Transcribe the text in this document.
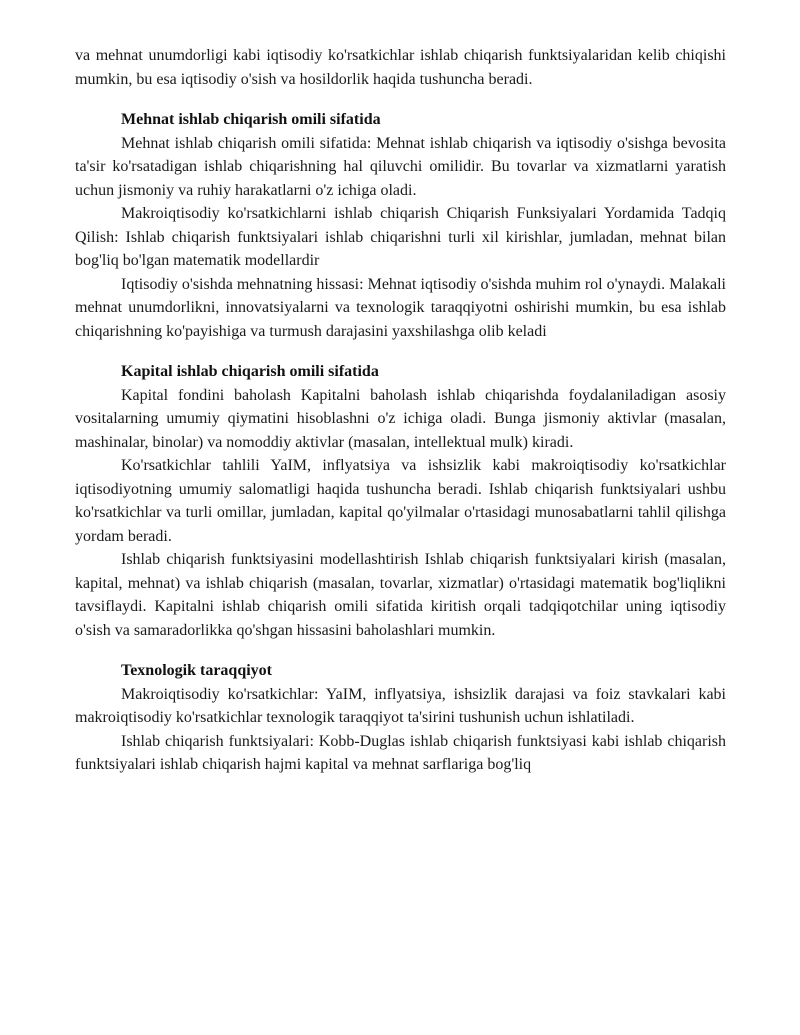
va mehnat unumdorligi kabi iqtisodiy ko'rsatkichlar ishlab chiqarish funktsiyalaridan kelib chiqishi mumkin, bu esa iqtisodiy o'sish va hosildorlik haqida tushuncha beradi.

Mehnat ishlab chiqarish omili sifatida

Mehnat ishlab chiqarish omili sifatida: Mehnat ishlab chiqarish va iqtisodiy o'sishga bevosita ta'sir ko'rsatadigan ishlab chiqarishning hal qiluvchi omilidir. Bu tovarlar va xizmatlarni yaratish uchun jismoniy va ruhiy harakatlarni o'z ichiga oladi.

Makroiqtisodiy ko'rsatkichlarni ishlab chiqarish Chiqarish Funksiyalari Yordamida Tadqiq Qilish: Ishlab chiqarish funktsiyalari ishlab chiqarishni turli xil kirishlar, jumladan, mehnat bilan bog'liq bo'lgan matematik modellardir

Iqtisodiy o'sishda mehnatning hissasi: Mehnat iqtisodiy o'sishda muhim rol o'ynaydi. Malakali mehnat unumdorlikni, innovatsiyalarni va texnologik taraqqiyotni oshirishi mumkin, bu esa ishlab chiqarishning ko'payishiga va turmush darajasini yaxshilashga olib keladi

Kapital ishlab chiqarish omili sifatida

Kapital fondini baholash Kapitalni baholash ishlab chiqarishda foydalaniladigan asosiy vositalarning umumiy qiymatini hisoblashni o'z ichiga oladi. Bunga jismoniy aktivlar (masalan, mashinalar, binolar) va nomoddiy aktivlar (masalan, intellektual mulk) kiradi.

Ko'rsatkichlar tahlili YaIM, inflyatsiya va ishsizlik kabi makroiqtisodiy ko'rsatkichlar iqtisodiyotning umumiy salomatligi haqida tushuncha beradi. Ishlab chiqarish funktsiyalari ushbu ko'rsatkichlar va turli omillar, jumladan, kapital qo'yilmalar o'rtasidagi munosabatlarni tahlil qilishga yordam beradi.

Ishlab chiqarish funktsiyasini modellashtirish Ishlab chiqarish funktsiyalari kirish (masalan, kapital, mehnat) va ishlab chiqarish (masalan, tovarlar, xizmatlar) o'rtasidagi matematik bog'liqlikni tavsiflaydi. Kapitalni ishlab chiqarish omili sifatida kiritish orqali tadqiqotchilar uning iqtisodiy o'sish va samaradorlikka qo'shgan hissasini baholashlari mumkin.

Texnologik taraqqiyot

Makroiqtisodiy ko'rsatkichlar: YaIM, inflyatsiya, ishsizlik darajasi va foiz stavkalari kabi makroiqtisodiy ko'rsatkichlar texnologik taraqqiyot ta'sirini tushunish uchun ishlatiladi.

Ishlab chiqarish funktsiyalari: Kobb-Duglas ishlab chiqarish funktsiyasi kabi ishlab chiqarish funktsiyalari ishlab chiqarish hajmi kapital va mehnat sarflariga bog'liq
